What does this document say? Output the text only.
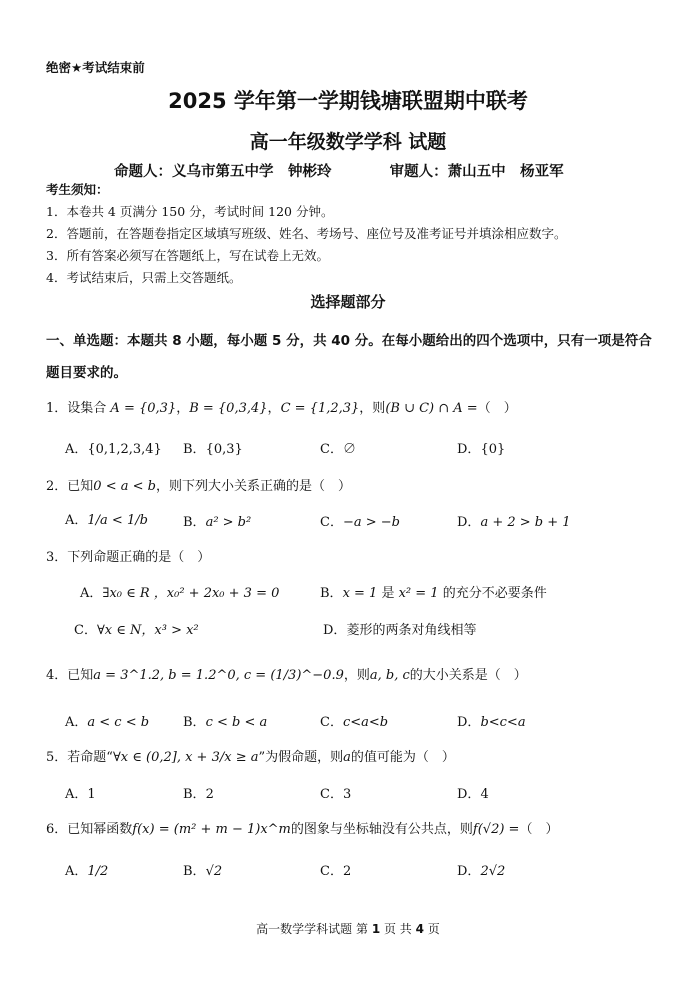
绝密★考试结束前
2025 学年第一学期钱塘联盟期中联考
高一年级数学学科 试题
命题人：义乌市第五中学　钟彬玲	审题人：萧山五中　杨亚军
考生须知：
1．本卷共 4 页满分 150 分，考试时间 120 分钟。
2．答题前，在答题卷指定区域填写班级、姓名、考场号、座位号及准考证号并填涂相应数字。
3．所有答案必须写在答题纸上，写在试卷上无效。
4．考试结束后，只需上交答题纸。
选择题部分
一、单选题：本题共 8 小题，每小题 5 分，共 40 分。在每小题给出的四个选项中，只有一项是符合
题目要求的。
1．设集合 A = {0,3}，B = {0,3,4}，C = {1,2,3}，则(B ∪ C) ∩ A =（　）
A．{0,1,2,3,4} B．{0,3}	C．∅	D．{0}
2．已知0 < a < b，则下列大小关系正确的是（　）
A．1/a < 1/b	B．a² > b²	C．−a > −b	D．a + 2 > b + 1
3．下列命题正确的是（　）
A．∃x₀ ∈ R ，x₀² + 2x₀ + 3 = 0	B．x = 1 是 x² = 1 的充分不必要条件
C．∀x ∈ N，x³ > x²	D．菱形的两条对角线相等
4．已知a = 3^1.2, b = 1.2^0, c = (1/3)^−0.9，则a, b, c的大小关系是（　）
A．a < c < b	B．c < b < a	C．c<a<b	D．b<c<a
5．若命题“∀x ∈ (0,2], x + 3/x ≥ a”为假命题，则a的值可能为（　）
A．1	B．2	C．3	D．4
6．已知幂函数f(x) = (m² + m − 1)x^m的图象与坐标轴没有公共点，则f(√2) =（　）
A．1/2	B．√2	C．2	D．2√2
高一数学学科试题 第 1 页 共 4 页
